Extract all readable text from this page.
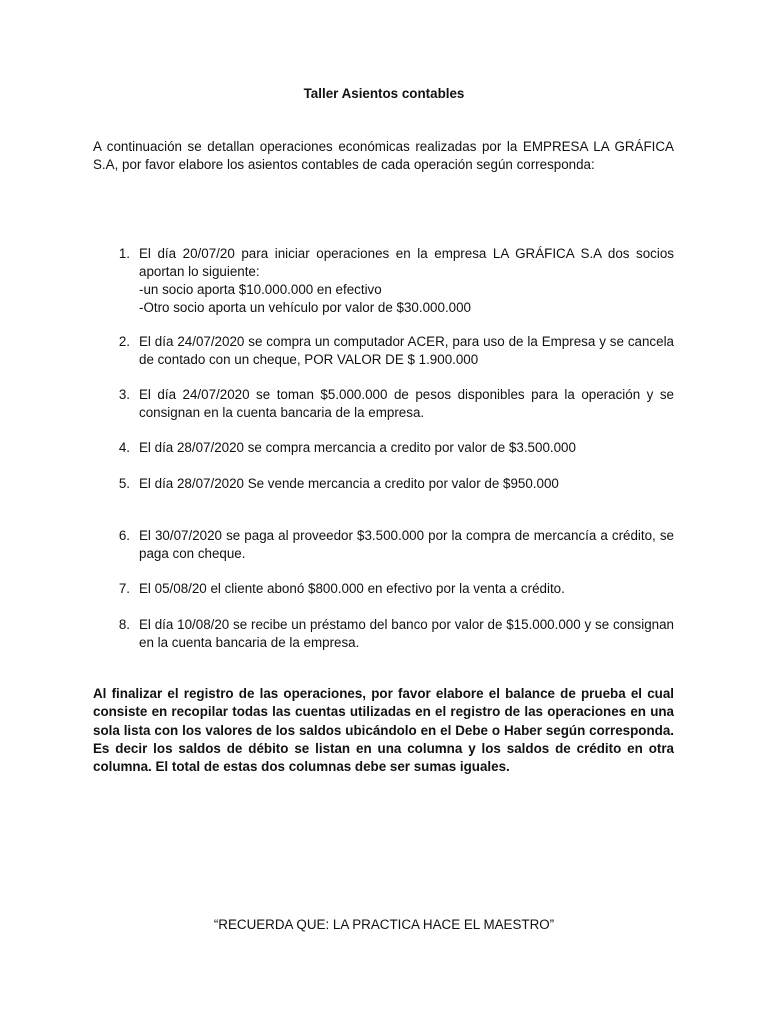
Taller Asientos contables
A continuación se detallan operaciones económicas realizadas por la EMPRESA LA GRÁFICA S.A, por favor elabore los asientos contables de cada operación según corresponda:
1. El día 20/07/20 para iniciar operaciones en la empresa LA GRÁFICA S.A dos socios aportan lo siguiente:
-un socio aporta $10.000.000 en efectivo
-Otro socio aporta un vehículo por valor de $30.000.000
2. El día 24/07/2020 se compra un computador ACER, para uso de la Empresa y se cancela de contado con un cheque, POR VALOR DE $ 1.900.000
3. El día 24/07/2020 se toman $5.000.000 de pesos disponibles para la operación y se consignan en la cuenta bancaria de la empresa.
4. El día 28/07/2020 se compra mercancia a credito por valor de $3.500.000
5. El día 28/07/2020 Se vende mercancia a credito por valor de $950.000
6. El 30/07/2020 se paga al proveedor $3.500.000 por la compra de mercancía a crédito, se paga con cheque.
7. El 05/08/20 el cliente abonó $800.000 en efectivo por la venta a crédito.
8. El día 10/08/20 se recibe un préstamo del banco por valor de $15.000.000 y se consignan en la cuenta bancaria de la empresa.
Al finalizar el registro de las operaciones, por favor elabore el balance de prueba el cual consiste en recopilar todas las cuentas utilizadas en el registro de las operaciones en una sola lista con los valores de los saldos ubicándolo en el Debe o Haber según corresponda. Es decir los saldos de débito se listan en una columna y los saldos de crédito en otra columna. El total de estas dos columnas debe ser sumas iguales.
“RECUERDA QUE: LA PRACTICA HACE EL MAESTRO”
